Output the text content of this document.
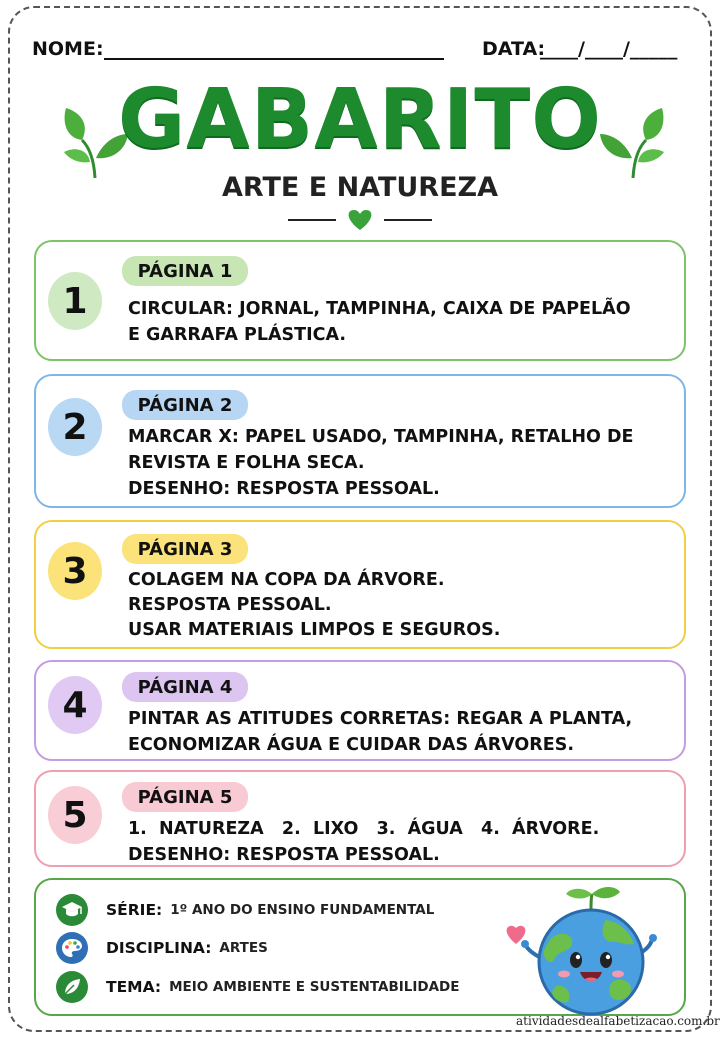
NOME:	DATA:
____/____/_____
GABARITO
ARTE E NATUREZA
1
PÁGINA 1
CIRCULAR: JORNAL, TAMPINHA, CAIXA DE PAPELÃO
E GARRAFA PLÁSTICA.
2
PÁGINA 2
MARCAR X: PAPEL USADO, TAMPINHA, RETALHO DE
REVISTA E FOLHA SECA.
DESENHO: RESPOSTA PESSOAL.
3
PÁGINA 3
COLAGEM NA COPA DA ÁRVORE.
RESPOSTA PESSOAL.
USAR MATERIAIS LIMPOS E SEGUROS.
4	PÁGINA 4
PINTAR AS ATITUDES CORRETAS: REGAR A PLANTA,
ECONOMIZAR ÁGUA E CUIDAR DAS ÁRVORES.
5	PÁGINA 5
1.  NATUREZA   2.  LIXO   3.  ÁGUA   4.  ÁRVORE.
DESENHO: RESPOSTA PESSOAL.
SÉRIE: 1º ANO DO ENSINO FUNDAMENTAL
DISCIPLINA: ARTES
TEMA: MEIO AMBIENTE E SUSTENTABILIDADE
atividadesdealfabetizacao.com.br
